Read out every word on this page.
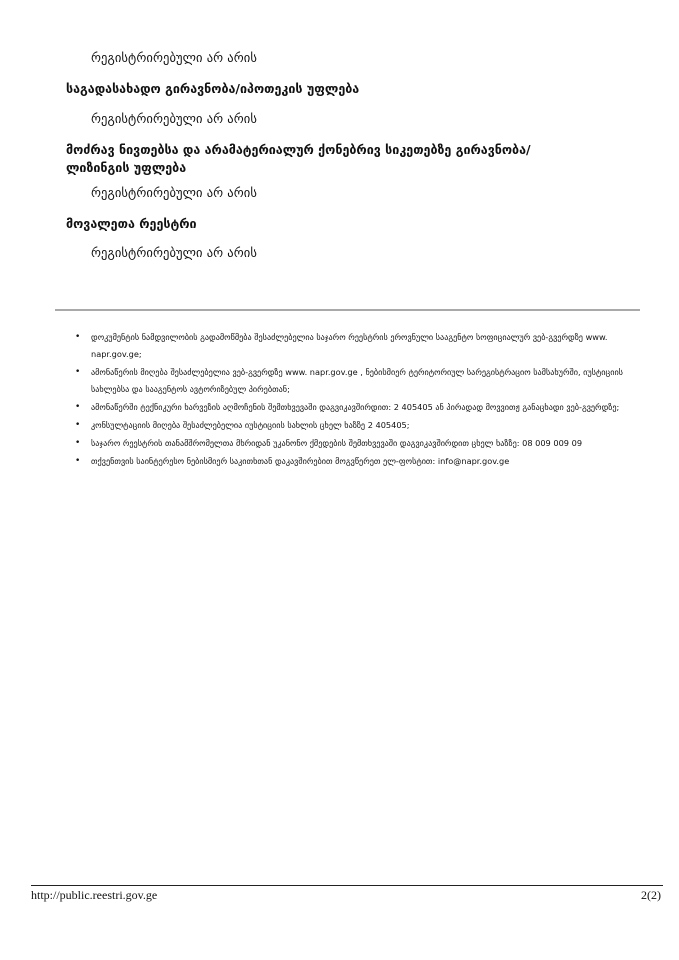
რეგისტრირებული არ არის
საგადასახადო გირავნობა/იპოთეკის უფლება
რეგისტრირებული არ არის
მოძრავ ნივთებსა და არამატერიალურ ქონებრივ სიკეთებზე გირავნობა/ლიზინგის უფლება
რეგისტრირებული არ არის
მოვალეთა რეესტრი
რეგისტრირებული არ არის
• დოკუმენტის ნამდვილობის გადამოწმება შესაძლებელია საჯარო რეესტრის ეროვნული სააგენტო სოფიციალურ ვებ-გვერდზე www. napr.gov.ge;
• ამონაწერის მიღება შესაძლებელია ვებ-გვერდზე www. napr.gov.ge , ნებისმიერ ტერიტორიულ სარეგისტრაციო სამსახურში, იუსტიციის სახლებსა და სააგენტოს ავტორიზებულ პირებთან;
• ამონაწერში ტექნიკური ხარვეზის აღმოჩენის შემთხვევაში დაგვიკავშირდით: 2 405405 ან პირადად მოვვითჟ განაცხადი ვებ-გვერდზე;
• კონსულტაციის მიღება შესაძლებელია იუსტიციის სახლის ცხელ ხაზზე 2 405405;
• საჯარო რეესტრის თანამშრომელთა მხრიდან უკანონო ქმედების შემთხვევაში დაგვიკავშირდით ცხელ ხაზზე: 08 009 009 09
• თქვენთვის საინტერესო ნებისმიერ საკითხთან დაკავშირებით მოგვწერეთ ელ-ფოსტით: info@napr.gov.ge
http://public.reestri.gov.ge	2(2)
